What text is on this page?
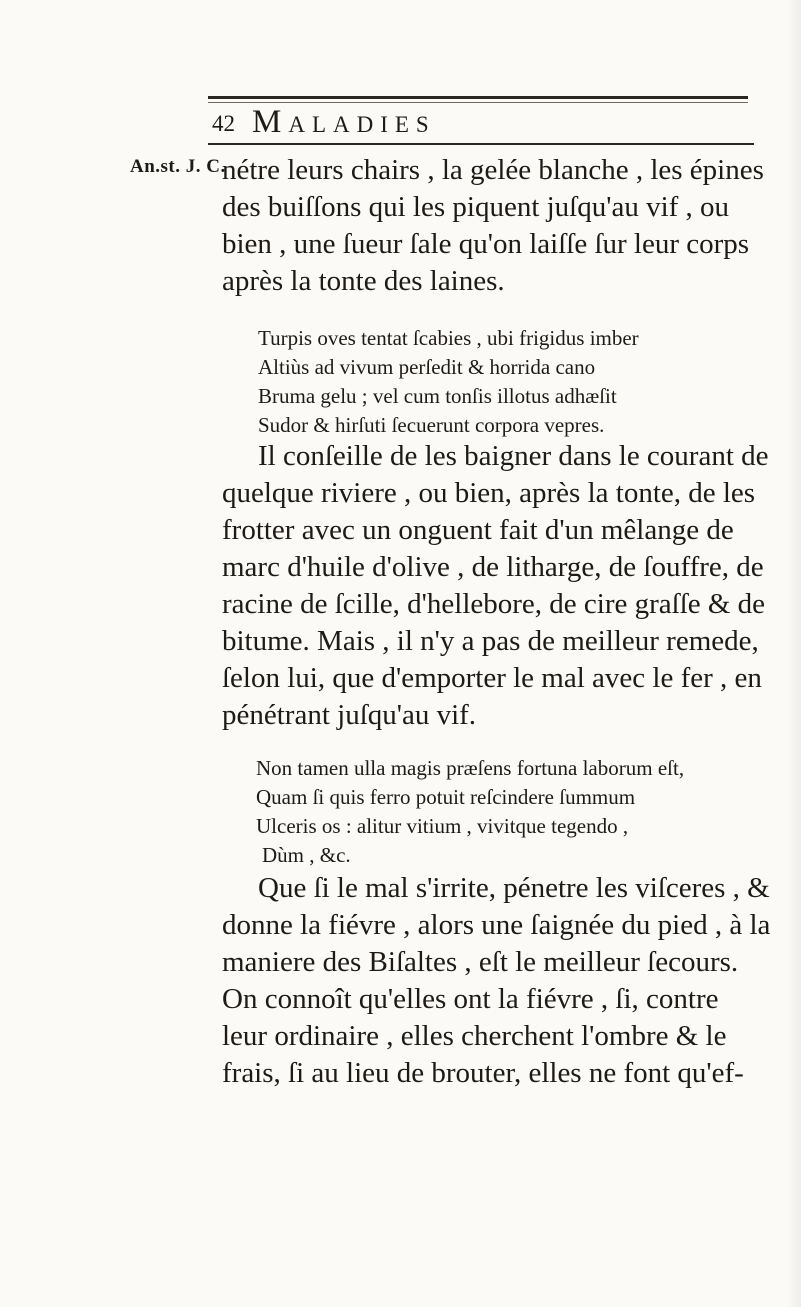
42 Maladies
An.st. J. C.

nétre leurs chairs , la gelée blanche , les épines
des buiſſons qui les piquent juſqu'au vif , ou
bien , une ſueur ſale qu'on laiſſe ſur leur corps
après la tonte des laines.

Turpis oves tentat ſcabies , ubi frigidus imber
Altiùs ad vivum perſedit & horrida cano
Bruma gelu ; vel cum tonſis illotus adhæſit
Sudor & hirſuti ſecuerunt corpora vepres.

Il conſeille de les baigner dans le courant de
quelque riviere , ou bien, après la tonte, de les
frotter avec un onguent fait d'un mêlange de
marc d'huile d'olive , de litharge, de ſouffre, de
racine de ſcille, d'hellebore, de cire graſſe & de
bitume. Mais , il n'y a pas de meilleur remede,
ſelon lui, que d'emporter le mal avec le fer , en
pénétrant juſqu'au vif.

Non tamen ulla magis præſens fortuna laborum eſt,
Quam ſi quis ferro potuit reſcindere ſummum
Ulceris os : alitur vitium , vivitque tegendo ,
Dùm , &c.

Que ſi le mal s'irrite, pénetre les viſceres , &
donne la fiévre , alors une ſaignée du pied , à la
maniere des Biſaltes , eſt le meilleur ſecours.
On connoît qu'elles ont la fiévre , ſi, contre
leur ordinaire , elles cherchent l'ombre & le
frais, ſi au lieu de brouter, elles ne font qu'ef-
